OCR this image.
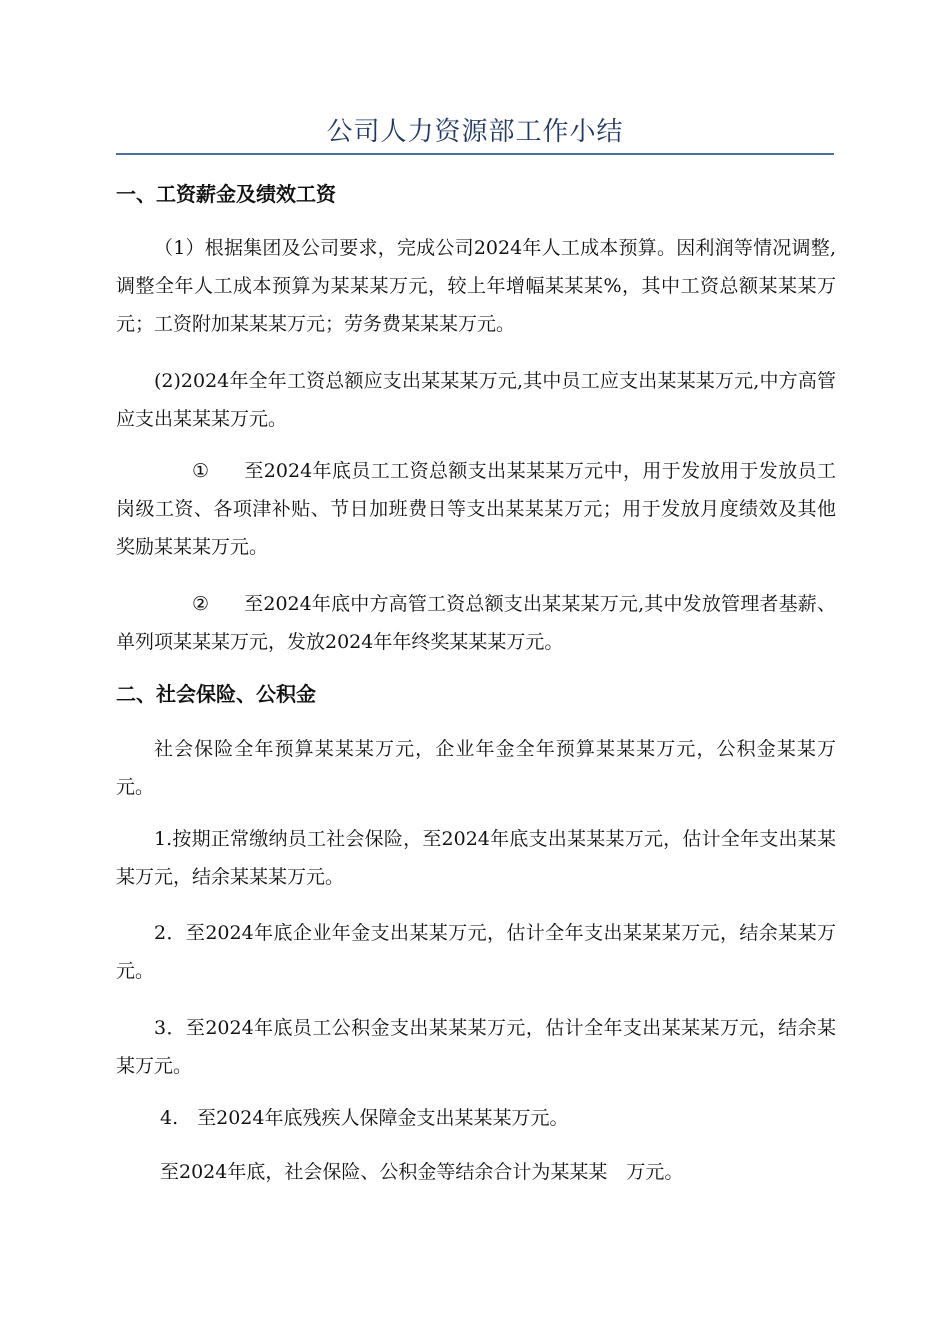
公司人力资源部工作小结
一、工资薪金及绩效工资
（1）根据集团及公司要求，完成公司2024年人工成本预算。因利润等情况调整,调整全年人工成本预算为某某某万元，较上年增幅某某某%，其中工资总额某某某万元；工资附加某某某万元；劳务费某某某万元。
(2)2024年全年工资总额应支出某某某万元,其中员工应支出某某某万元,中方高管应支出某某某万元。
① 至2024年底员工工资总额支出某某某万元中，用于发放用于发放员工岗级工资、各项津补贴、节日加班费日等支出某某某万元；用于发放月度绩效及其他奖励某某某万元。
② 至2024年底中方高管工资总额支出某某某万元,其中发放管理者基薪、单列项某某某万元，发放2024年年终奖某某某万元。
二、社会保险、公积金
社会保险全年预算某某某万元，企业年金全年预算某某某万元，公积金某某万元。
1.按期正常缴纳员工社会保险，至2024年底支出某某某万元，估计全年支出某某某万元，结余某某某万元。
2．至2024年底企业年金支出某某万元，估计全年支出某某某万元，结余某某万元。
3．至2024年底员工公积金支出某某某万元，估计全年支出某某某万元，结余某某万元。
4.　至2024年底残疾人保障金支出某某某万元。
至2024年底，社会保险、公积金等结余合计为某某某　万元。
